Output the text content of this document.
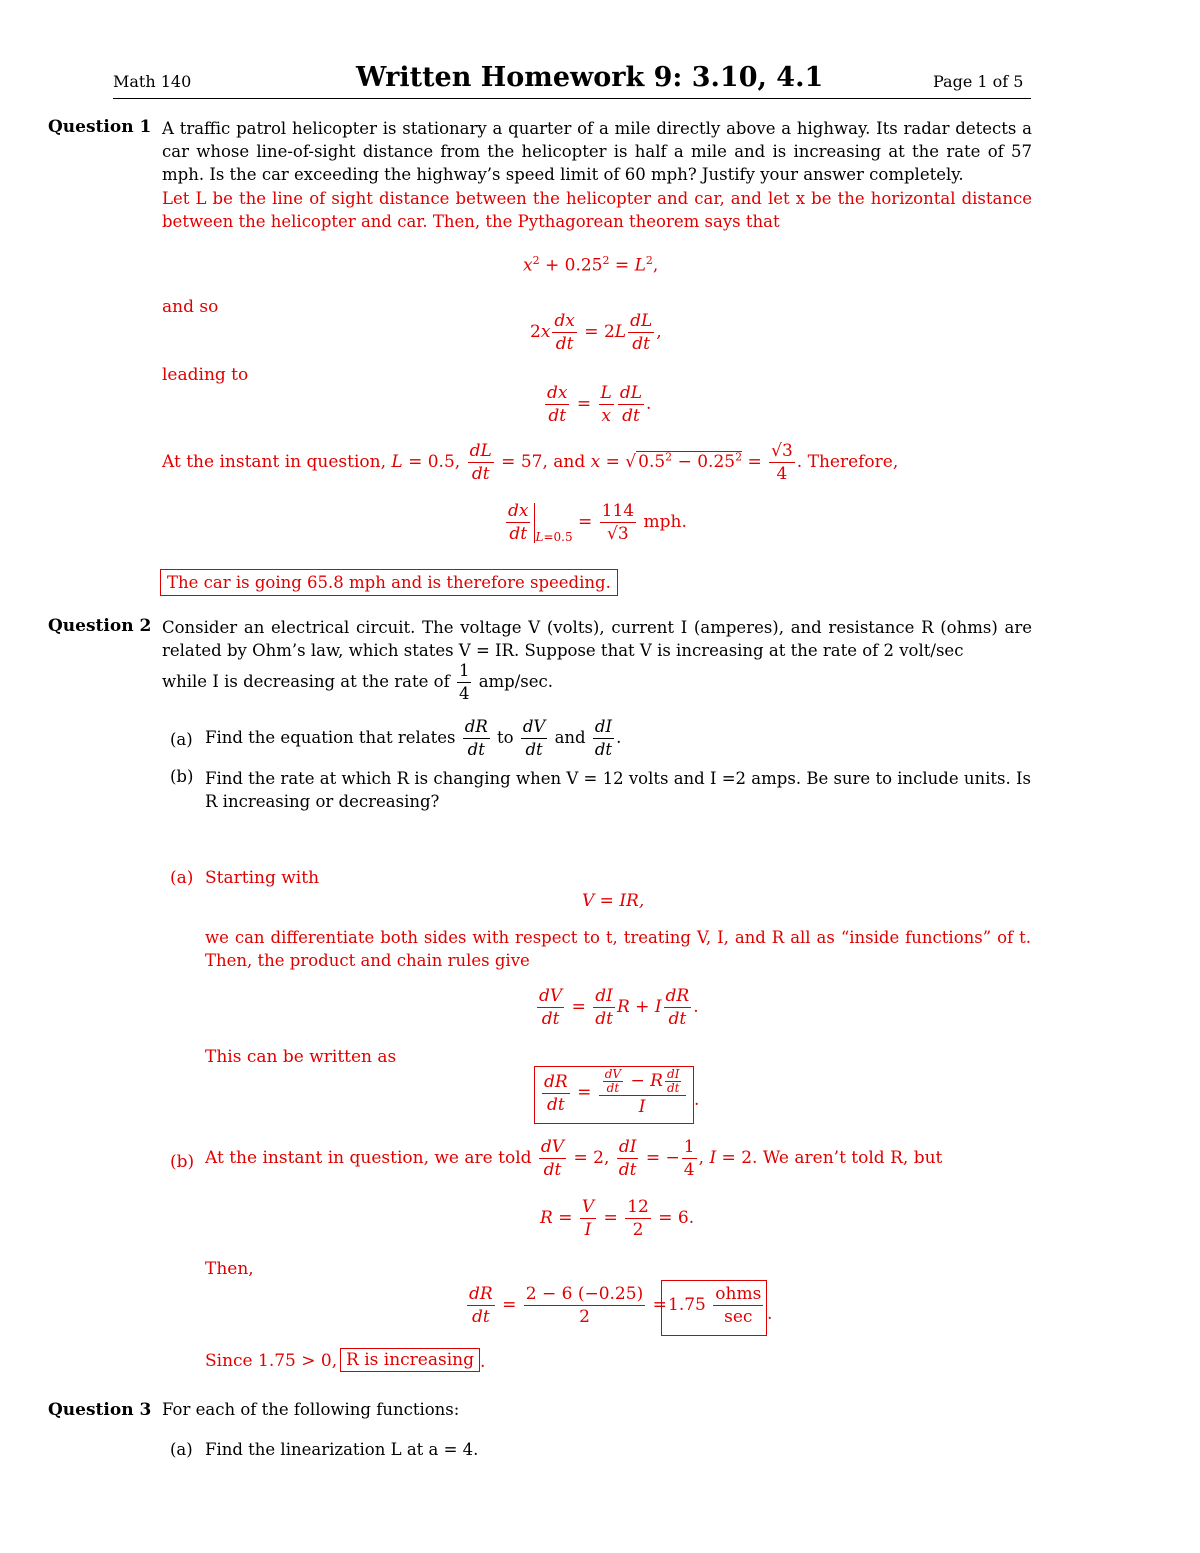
Math 140	Written Homework 9: 3.10, 4.1	Page 1 of 5
Question 1 A traffic patrol helicopter is stationary a quarter of a mile directly above a highway. Its radar detects a car whose line-of-sight distance from the helicopter is half a mile and is increasing at the rate of 57 mph. Is the car exceeding the highway’s speed limit of 60 mph? Justify your answer completely.
Let L be the line of sight distance between the helicopter and car, and let x be the horizontal distance between the helicopter and car. Then, the Pythagorean theorem says that
$x^2 + 0.25^2 = L^2$,
and so
$2x \frac{dx}{dt} = 2L \frac{dL}{dt}$ ,
leading to
$\frac{dx}{dt} = \frac{L}{x} \frac{dL}{dt}$ .
At the instant in question, L = 0.5, $\frac{dL}{dt} = 57$, and x = √ $0.5^2 - 0.25^2 = \frac{√3}{4}$ . Therefore,
$\frac{dx}{dt} _{L=0.5} = \frac{114}{√3}$ mph.
The car is going 65.8 mph and is therefore speeding.
Question 2 Consider an electrical circuit. The voltage V (volts), current I (amperes), and resistance R (ohms) are related by Ohm’s law, which states V = IR. Suppose that V is increasing at the rate of 2 volt/sec
while I is decreasing at the rate of $\frac{1}{4} amp/\sec$.
(a) Find the equation that relates $\frac{dR}{dt}$ to $\frac{dV}{dt}$ and $\frac{dI}{dt}$ .
(b) Find the rate at which R is changing when V = 12 volts and I =2 amps. Be sure to include units. Is R increasing or decreasing?
(a) Starting with
V = IR,
we can differentiate both sides with respect to t, treating V, I, and R all as “inside functions” of t. Then, the product and chain rules give
$\frac{dV}{dt} = \frac{dI}{dt}$ R + I $\frac{dR}{dt}$ .
This can be written as
$\frac{dR}{dt} = \frac{\frac{dV}{dt} - R \frac{dI}{dt}}{I}$ .
(b) At the instant in question, we are told $\frac{dV}{dt} = 2$, $\frac{dI}{dt}$ = − $\frac{1}{4}$ , I = 2. We aren’t told R, but
$R = \frac{V}{I} = \frac{12}{2} = 6$.
Then,
$\frac{dR}{dt} = \frac{2 - 6 (-0.25)}{2} = 1.75 \frac{\text{ohms}}{\sec}$ .
Since 1.75 > 0, R is increasing .
Question 3 For each of the following functions:
(a) Find the linearization L at a = 4.
